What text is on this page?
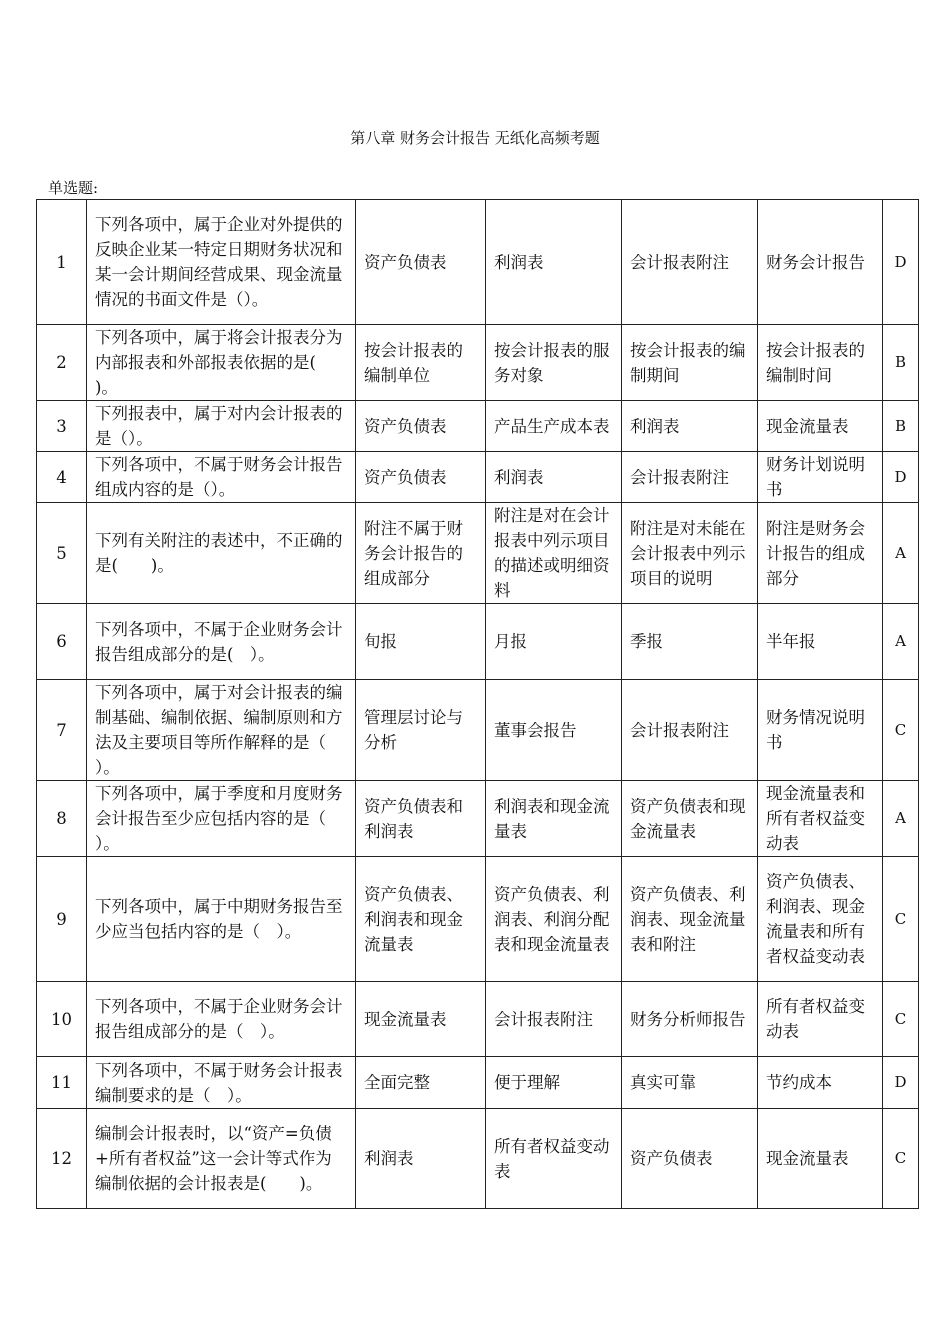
第八章 财务会计报告 无纸化高频考题
单选题:
1	下列各项中，属于企业对外提供的反映企业某一特定日期财务状况和某一会计期间经营成果、现金流量情况的书面文件是（）。	资产负债表	利润表	会计报表附注	财务会计报告	D
2	下列各项中，属于将会计报表分为内部报表和外部报表依据的是(　　)。	按会计报表的编制单位	按会计报表的服务对象	按会计报表的编制期间	按会计报表的编制时间	B
3	下列报表中，属于对内会计报表的是（）。	资产负债表	产品生产成本表	利润表	现金流量表	B
4	下列各项中，不属于财务会计报告组成内容的是（）。	资产负债表	利润表	会计报表附注	财务计划说明书	D
5	下列有关附注的表述中，不正确的是(　　)。	附注不属于财务会计报告的组成部分	附注是对在会计报表中列示项目的描述或明细资料	附注是对未能在会计报表中列示项目的说明	附注是财务会计报告的组成部分	A
6	下列各项中，不属于企业财务会计报告组成部分的是(　）。	旬报	月报	季报	半年报	A
7	下列各项中，属于对会计报表的编制基础、编制依据、编制原则和方法及主要项目等所作解释的是（ ）。	管理层讨论与分析	董事会报告	会计报表附注	财务情况说明书	C
8	下列各项中，属于季度和月度财务会计报告至少应包括内容的是（ ）。	资产负债表和利润表	利润表和现金流量表	资产负债表和现金流量表	现金流量表和所有者权益变动表	A
9	下列各项中，属于中期财务报告至少应当包括内容的是（　）。	资产负债表、利润表和现金流量表	资产负债表、利润表、利润分配表和现金流量表	资产负债表、利润表、现金流量表和附注	资产负债表、利润表、现金流量表和所有者权益变动表	C
10	下列各项中，不属于企业财务会计报告组成部分的是（　）。	现金流量表	会计报表附注	财务分析师报告	所有者权益变动表	C
11	下列各项中，不属于财务会计报表编制要求的是（　）。	全面完整	便于理解	真实可靠	节约成本	D
12	编制会计报表时，以“资产=负债+所有者权益”这一会计等式作为编制依据的会计报表是(　　)。	利润表	所有者权益变动表	资产负债表	现金流量表	C
